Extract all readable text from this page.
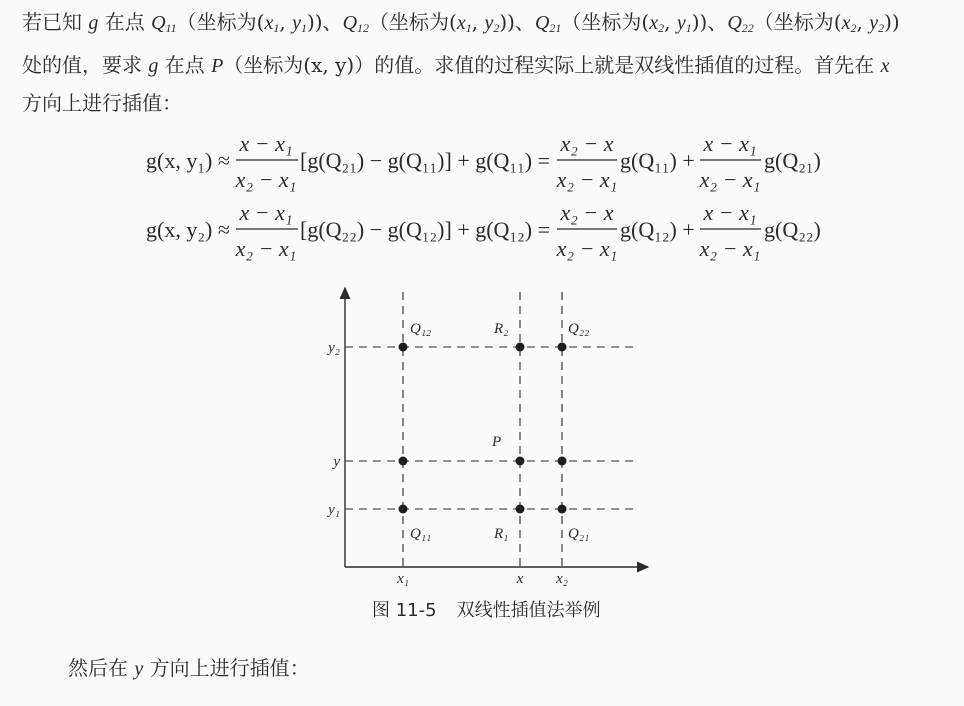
若已知 g 在点 $Q_{11}$（坐标为($x_1$, $y_1$))、$Q_{12}$（坐标为($x_1$, $y_2$))、$Q_{21}$（坐标为($x_2$, $y_1$))、$Q_{22}$（坐标为($x_2$, $y_2$))
处的值，要求 g 在点 P（坐标为(x, y)）的值。求值的过程实际上就是双线性插值的过程。首先在 x
方向上进行插值：

g(x, y₁) ≈
x − x₁
x₂ − x₁
[g(Q₂₁) − g(Q₁₁)] + g(Q₁₁) =
x₂ − x
x₂ − x₁
g(Q₁₁) +
x − x₁
x₂ − x₁
g(Q₂₁)
g(x, y₂) ≈
x − x₁
x₂ − x₁
[g(Q₂₂) − g(Q₁₂)] + g(Q₁₂) =
x₂ − x
x₂ − x₁
g(Q₁₂) +
x − x₁
x₂ − x₁
g(Q₂₂)
Q₁₂	R₂	Q₂₂
P
Q₁₁	R₁	Q₂₁
y₂
y
y₁
x₁	x x₂

图 11-5 双线性插值法举例

然后在 y 方向上进行插值：
